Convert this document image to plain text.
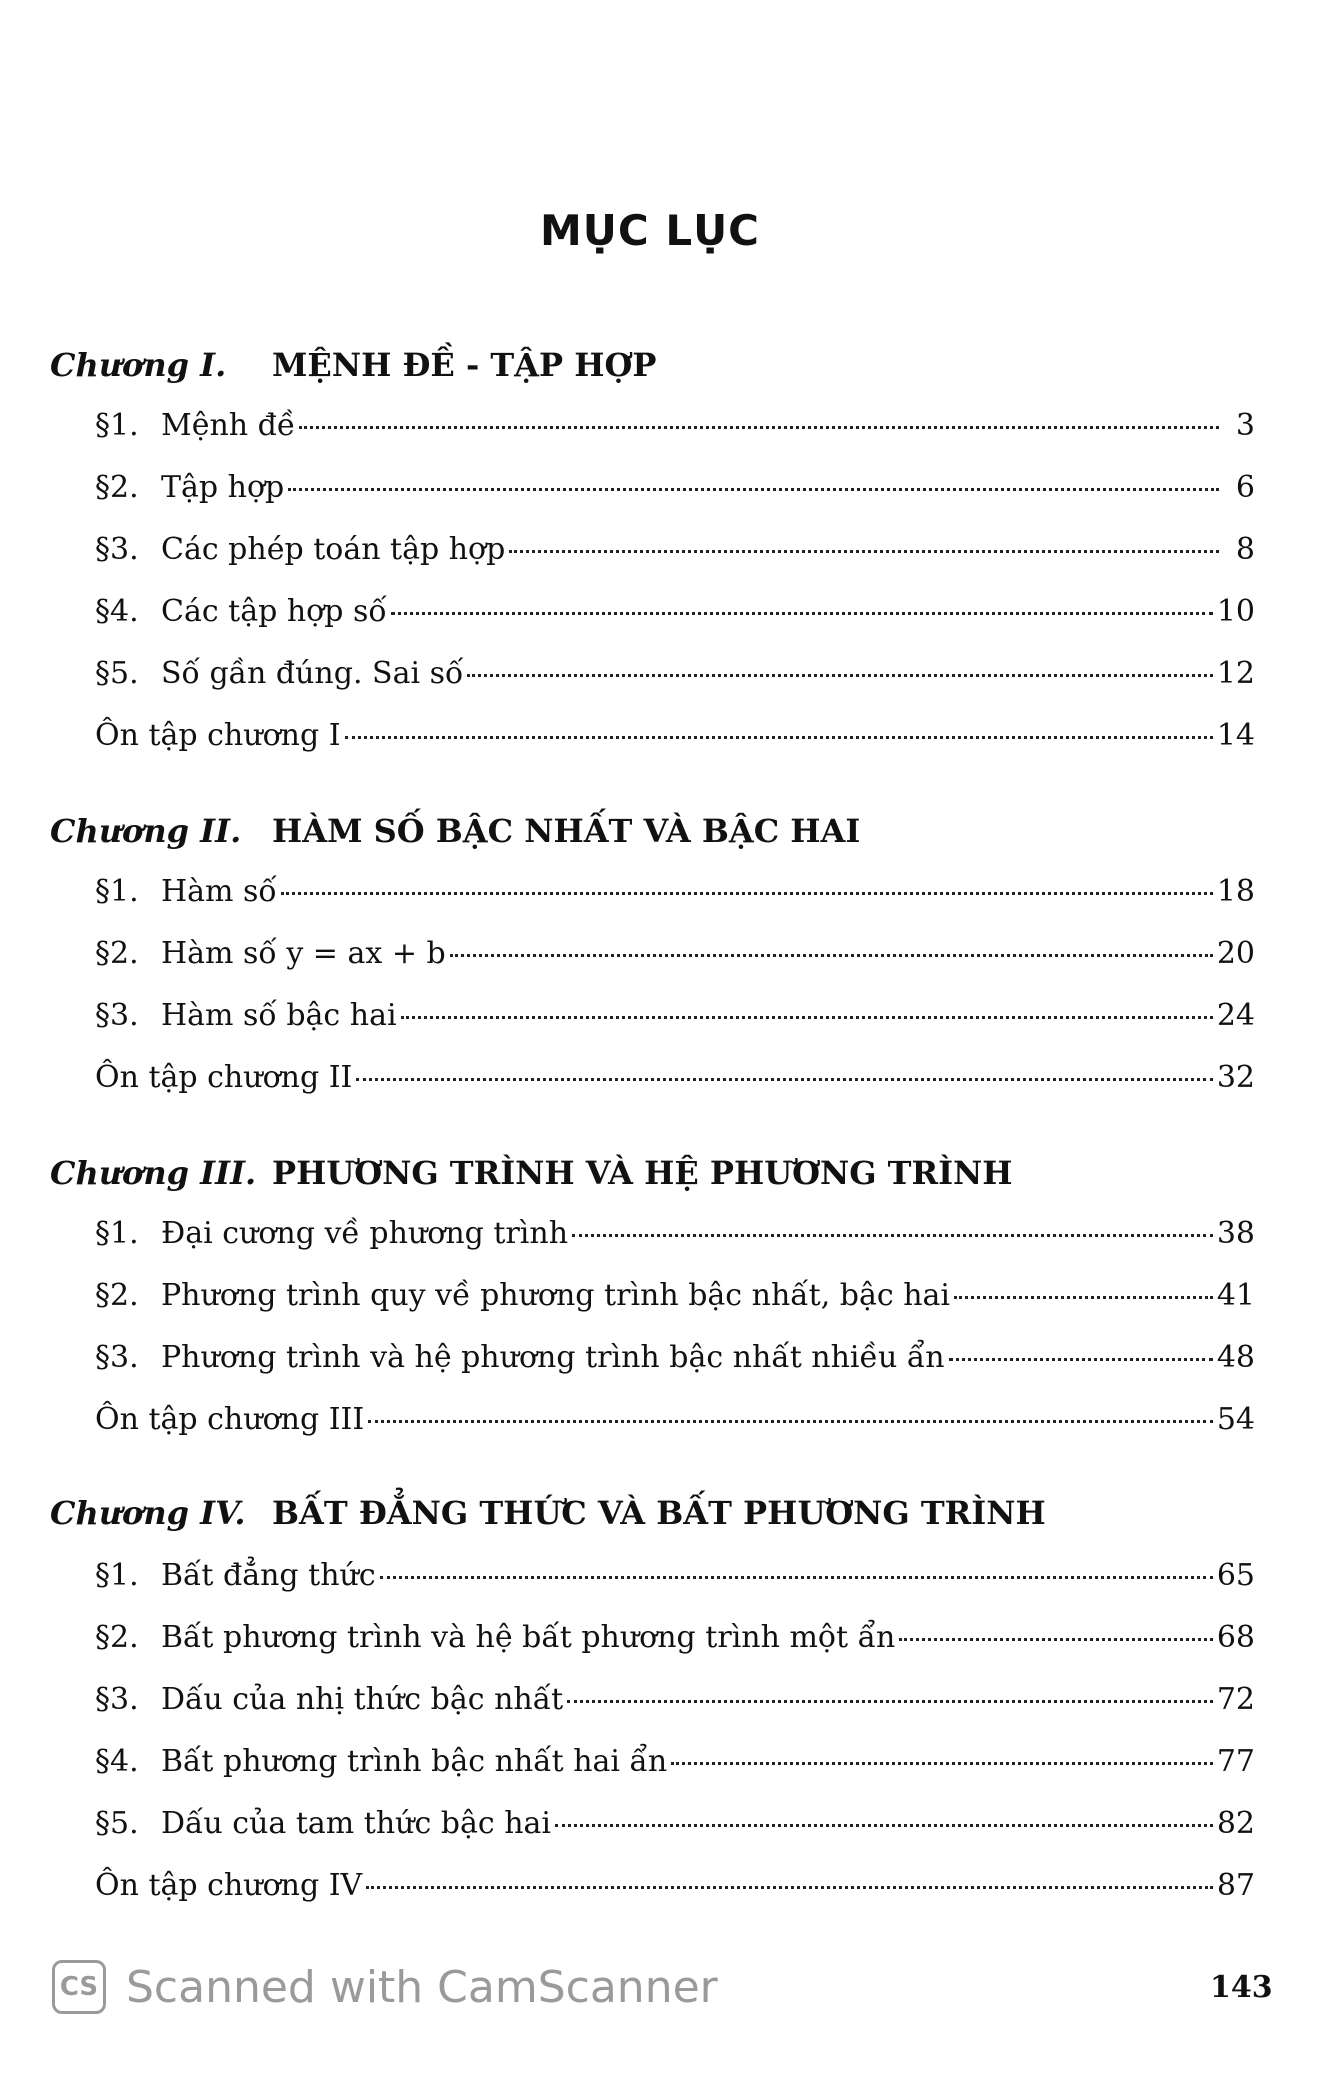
MỤC LỤC
Chương I.	MỆNH ĐỀ - TẬP HỢP
§1. Mệnh đề	3
§2. Tập hợp	6
§3. Các phép toán tập hợp	8
§4. Các tập hợp số	10
§5. Số gần đúng. Sai số	12
Ôn tập chương I	14
Chương II. HÀM SỐ BẬC NHẤT VÀ BẬC HAI
§1. Hàm số	18
§2. Hàm số y = ax + b	20
§3. Hàm số bậc hai	24
Ôn tập chương II	32
Chương III. PHƯƠNG TRÌNH VÀ HỆ PHƯƠNG TRÌNH
§1. Đại cương về phương trình	38
§2. Phương trình quy về phương trình bậc nhất, bậc hai	41
§3. Phương trình và hệ phương trình bậc nhất nhiều ẩn	48
Ôn tập chương III	54
Chương IV. BẤT ĐẲNG THỨC VÀ BẤT PHƯƠNG TRÌNH
§1. Bất đẳng thức	65
§2. Bất phương trình và hệ bất phương trình một ẩn	68
§3. Dấu của nhị thức bậc nhất	72
§4. Bất phương trình bậc nhất hai ẩn	77
§5. Dấu của tam thức bậc hai	82
Ôn tập chương IV	87
CS Scanned with CamScanner	143
